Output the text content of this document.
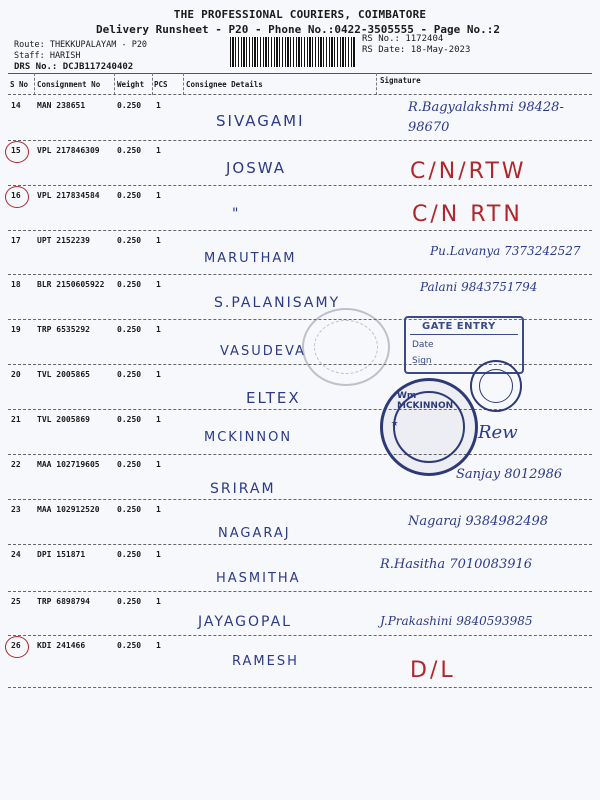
THE PROFESSIONAL COURIERS, COIMBATORE
Delivery Runsheet - P20 - Phone No.:0422-3505555 - Page No.:2
Route: THEKKUPALAYAM - P20
Staff: HARISH
DRS No.: DCJB117240402
RS No.: 1172404
RS Date: 18-May-2023
S No Consignment No Weight PCS Consignee Details	Signature
14 MAN 238651	0.250 1
SIVAGAMI
R.Bagyalakshmi 98428-98670
15 VPL 217846309 0.250 1
JOSWA	C/N/RTW
16 VPL 217834584 0.250 1
"	C/N RTN
17 UPT 2152239	0.250 1
MARUTHAM	Pu.Lavanya 7373242527
18 BLR 2150605922 0.250 1
S.PALANISAMY
Palani 9843751794
19 TRP 6535292	0.250 1
VASUDEVA
20 TVL 2005865	0.250 1
ELTEX
21 TVL 2005869	0.250 1
MCKINNON	Rew
22 MAA 102719605 0.250 1
SRIRAM
Sanjay 8012986
23 MAA 102912520 0.250 1
NAGARAJ
Nagaraj 9384982498
24 DPI 151871	0.250 1
HASMITHA
R.Hasitha 7010083916
25 TRP 6898794	0.250 1
JAYAGOPAL	J.Prakashini 9840593985
26 KDI 241466	0.250 1
RAMESH	D/L
GATE ENTRY
Date
Sign
Wm MCKINNON
★
